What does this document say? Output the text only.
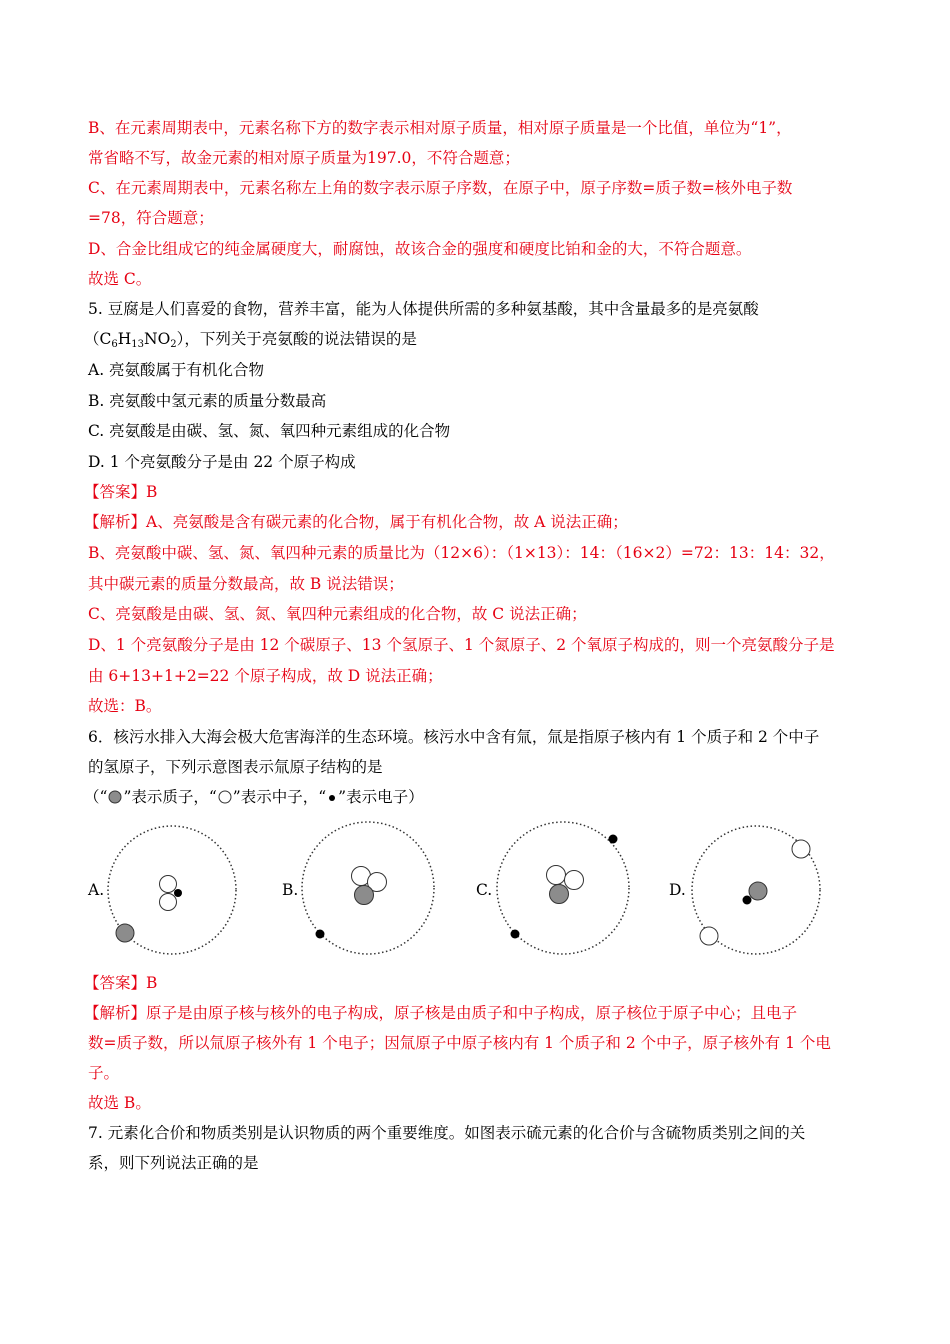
B、在元素周期表中，元素名称下方的数字表示相对原子质量，相对原子质量是一个比值，单位为“1”，
常省略不写，故金元素的相对原子质量为197.0，不符合题意；
C、在元素周期表中，元素名称左上角的数字表示原子序数，在原子中，原子序数=质子数=核外电子数
=78，符合题意；
D、合金比组成它的纯金属硬度大，耐腐蚀，故该合金的强度和硬度比铂和金的大，不符合题意。
故选 C。
5. 豆腐是人们喜爱的食物，营养丰富，能为人体提供所需的多种氨基酸，其中含量最多的是亮氨酸
$(C_6H_{13}NO_2)$，下列关于亮氨酸的说法错误的是
A. 亮氨酸属于有机化合物
B. 亮氨酸中氢元素的质量分数最高
C. 亮氨酸是由碳、氢、氮、氧四种元素组成的化合物
D. 1 个亮氨酸分子是由 22 个原子构成
【答案】B
【解析】A、亮氨酸是含有碳元素的化合物，属于有机化合物，故 A 说法正确；
B、亮氨酸中碳、氢、氮、氧四种元素的质量比为（12×6）：（1×13）：14：（16×2）=72：13：14：32，
其中碳元素的质量分数最高，故 B 说法错误；
C、亮氨酸是由碳、氢、氮、氧四种元素组成的化合物，故 C 说法正确；
D、1 个亮氨酸分子是由 12 个碳原子、13 个氢原子、1 个氮原子、2 个氧原子构成的，则一个亮氨酸分子是
由 6+13+1+2=22 个原子构成，故 D 说法正确；
故选：B。
6．核污水排入大海会极大危害海洋的生态环境。核污水中含有氚，氚是指原子核内有 1 个质子和 2 个中子
的氢原子，下列示意图表示氚原子结构的是
（“ ”表示质子，“ ”表示中子，“ ”表示电子）
A.	B.	C.	D.
【答案】B
【解析】原子是由原子核与核外的电子构成，原子核是由质子和中子构成，原子核位于原子中心；且电子
数=质子数，所以氚原子核外有 1 个电子；因氚原子中原子核内有 1 个质子和 2 个中子，原子核外有 1 个电
子。
故选 B。
7. 元素化合价和物质类别是认识物质的两个重要维度。如图表示硫元素的化合价与含硫物质类别之间的关
系，则下列说法正确的是
